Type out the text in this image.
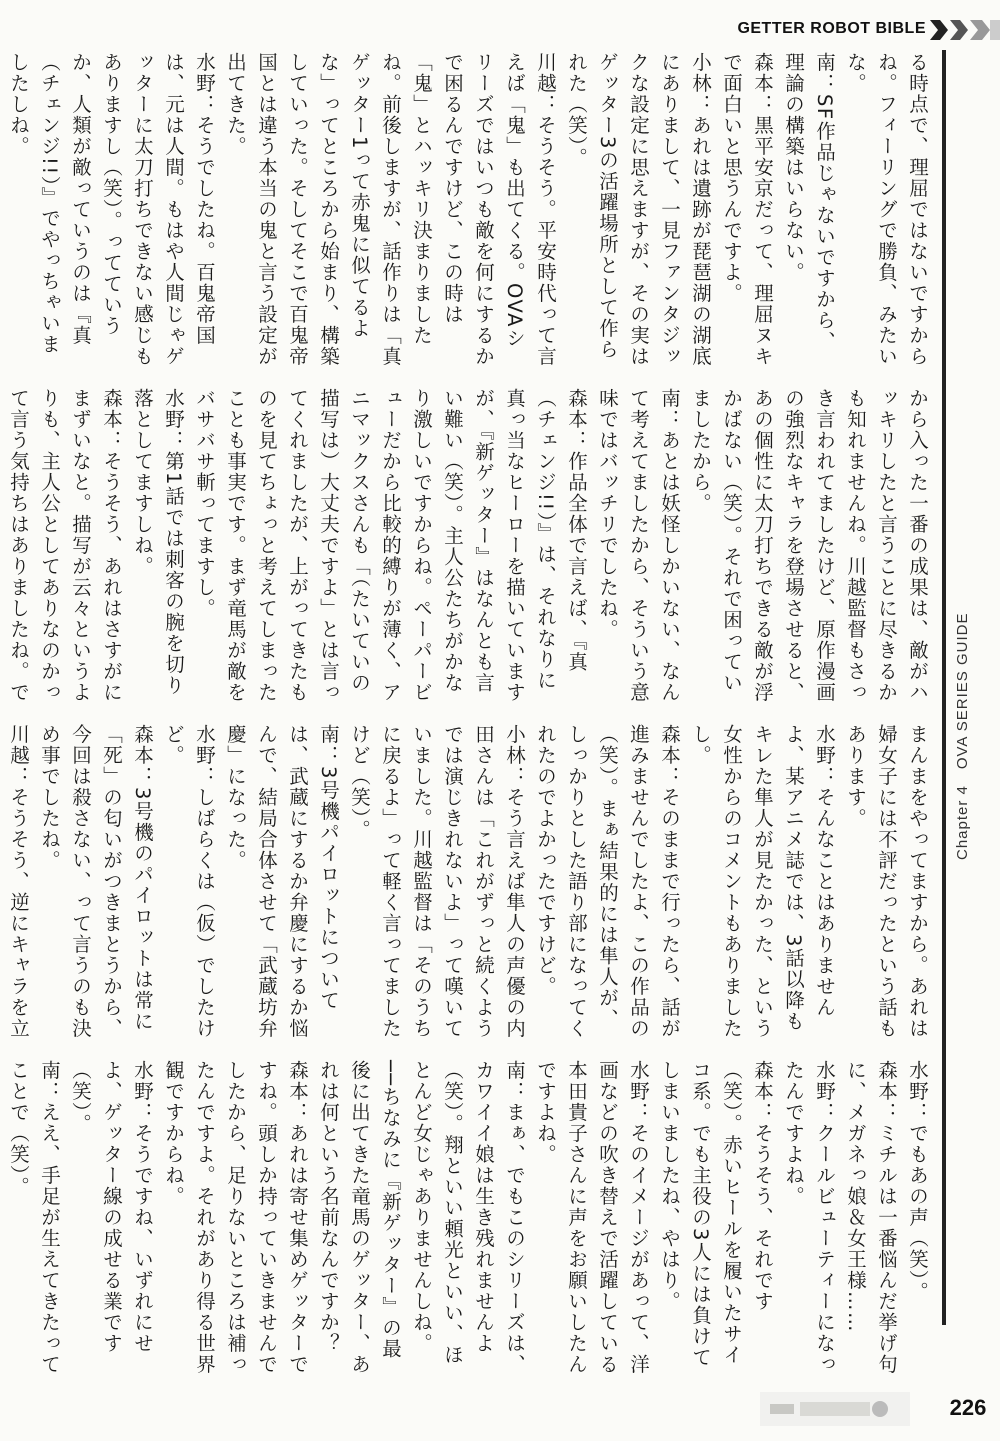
GETTER ROBOT BIBLE
Chapter 4　OVA SERIES GUIDE
る時点で、理屈ではないですからね。フィーリングで勝負、みたいな。
南：SF作品じゃないですから、理論の構築はいらない。
森本：黒平安京だって、理屈ヌキで面白いと思うんですよ。
小林：あれは遺跡が琵琶湖の湖底にありまして、一見ファンタジックな設定に思えますが、その実はゲッター3の活躍場所として作られた（笑）。
川越：そうそう。平安時代って言えば「鬼」も出てくる。OVAシリーズではいつも敵を何にするかで困るんですけど、この時は「鬼」とハッキリ決まりましたね。前後しますが、話作りは「真ゲッター1って赤鬼に似てるよな」ってところから始まり、構築していった。そしてそこで百鬼帝国とは違う本当の鬼と言う設定が出てきた。
水野：そうでしたね。百鬼帝国は、元は人間。もはや人間じゃゲッターに太刀打ちできない感じもありますし（笑）。ってていうか、人類が敵っていうのは『真（チェンジ!!）』でやっちゃいましたしね。
から入った一番の成果は、敵がハッキリしたと言うことに尽きるかも知れませんね。川越監督もさっき言われてましたけど、原作漫画の強烈なキャラを登場させると、あの個性に太刀打ちできる敵が浮かばない（笑）。それで困っていましたから。
南：あとは妖怪しかいない、なんて考えてましたから、そういう意味ではバッチリでしたね。
森本：作品全体で言えば、『真（チェンジ!!）』は、それなりに真っ当なヒーローを描いていますが、『新ゲッター』はなんとも言い難い（笑）。主人公たちがかなり激しいですからね。ペーパービューだから比較的縛りが薄く、アニマックスさんも「（たいていの描写は）大丈夫ですよ」とは言ってくれましたが、上がってきたものを見てちょっと考えてしまったことも事実です。まず竜馬が敵をバサバサ斬ってますし。
水野：第1話では刺客の腕を切り落としてますしね。
森本：そうそう、あれはさすがにまずいなと。描写が云々というよりも、主人公としてありなのかって言う気持ちはありましたね。で
まんまをやってますから。あれは婦女子には不評だったという話もあります。
水野：そんなことはありませんよ、某アニメ誌では、3話以降もキレた隼人が見たかった、という女性からのコメントもありましたし。
森本：そのままで行ったら、話が進みませんでしたよ、この作品の（笑）。まぁ結果的には隼人が、しっかりとした語り部になってくれたのでよかったですけど。
小林：そう言えば隼人の声優の内田さんは「これがずっと続くようでは演じきれないよ」って嘆いていました。川越監督は「そのうちに戻るよ」って軽く言ってましたけど（笑）。
南：3号機パイロットについては、武蔵にするか弁慶にするか悩んで、結局合体させて「武蔵坊弁慶」になった。
水野：しばらくは（仮）でしたけど。
森本：3号機のパイロットは常に「死」の匂いがつきまとうから、今回は殺さない、って言うのも決め事でしたね。
川越：そうそう、逆にキャラを立
水野：でもあの声（笑）。
森本：ミチルは一番悩んだ挙げ句に、メガネっ娘＆女王様……
水野：クールビューティーになったんですよね。
森本：そうそう、それです（笑）。赤いヒールを履いたサイコ系。でも主役の3人には負けてしまいましたね、やはり。
水野：そのイメージがあって、洋画などの吹き替えで活躍している本田貴子さんに声をお願いしたんですよね。
南：まぁ、でもこのシリーズは、カワイイ娘は生き残れませんよ（笑）。翔といい頼光といい、ほとんど女じゃありませんしね。
──ちなみに『新ゲッター』の最後に出てきた竜馬のゲッター、あれは何という名前なんですか？
森本：あれは寄せ集めゲッターですね。頭しか持っていきませんでしたから、足りないところは補ったんですよ。それがあり得る世界観ですからね。
水野：そうですね、いずれにせよ、ゲッター線の成せる業です（笑）。
南：ええ、手足が生えてきたってことで（笑）。
226
